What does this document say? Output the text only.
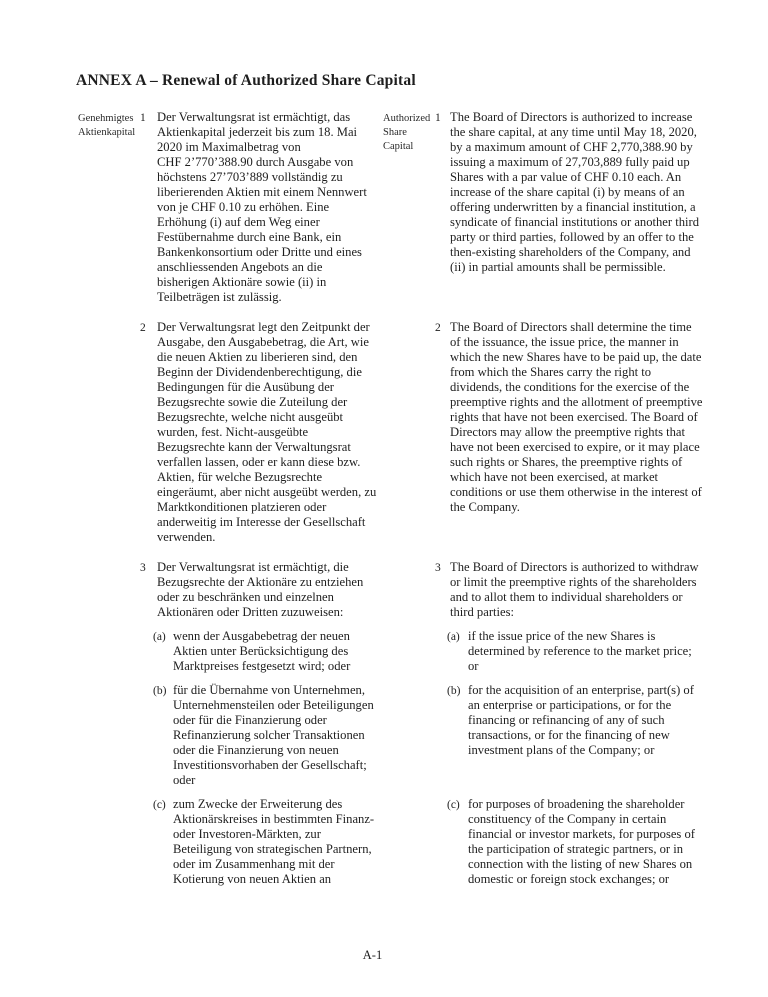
ANNEX A – Renewal of Authorized Share Capital
Genehmigtes Aktienkapital
1 Der Verwaltungsrat ist ermächtigt, das Aktienkapital jederzeit bis zum 18. Mai 2020 im Maximalbetrag von CHF 2’770’388.90 durch Ausgabe von höchstens 27’703’889 vollständig zu liberierenden Aktien mit einem Nennwert von je CHF 0.10 zu erhöhen. Eine Erhöhung (i) auf dem Weg einer Festübernahme durch eine Bank, ein Bankenkonsortium oder Dritte und eines anschliessenden Angebots an die bisherigen Aktionäre sowie (ii) in Teilbeträgen ist zulässig.
Authorized Share Capital
1 The Board of Directors is authorized to increase the share capital, at any time until May 18, 2020, by a maximum amount of CHF 2,770,388.90 by issuing a maximum of 27,703,889 fully paid up Shares with a par value of CHF 0.10 each. An increase of the share capital (i) by means of an offering underwritten by a financial institution, a syndicate of financial institutions or another third party or third parties, followed by an offer to the then-existing shareholders of the Company, and (ii) in partial amounts shall be permissible.
2 Der Verwaltungsrat legt den Zeitpunkt der Ausgabe, den Ausgabebetrag, die Art, wie die neuen Aktien zu liberieren sind, den Beginn der Dividendenberechtigung, die Bedingungen für die Ausübung der Bezugsrechte sowie die Zuteilung der Bezugsrechte, welche nicht ausgeübt wurden, fest. Nicht-ausgeübte Bezugsrechte kann der Verwaltungsrat verfallen lassen, oder er kann diese bzw. Aktien, für welche Bezugsrechte eingeräumt, aber nicht ausgeübt werden, zu Marktkonditionen platzieren oder anderweitig im Interesse der Gesellschaft verwenden.
2 The Board of Directors shall determine the time of the issuance, the issue price, the manner in which the new Shares have to be paid up, the date from which the Shares carry the right to dividends, the conditions for the exercise of the preemptive rights and the allotment of preemptive rights that have not been exercised. The Board of Directors may allow the preemptive rights that have not been exercised to expire, or it may place such rights or Shares, the preemptive rights of which have not been exercised, at market conditions or use them otherwise in the interest of the Company.
3 Der Verwaltungsrat ist ermächtigt, die Bezugsrechte der Aktionäre zu entziehen oder zu beschränken und einzelnen Aktionären oder Dritten zuzuweisen:
3 The Board of Directors is authorized to withdraw or limit the preemptive rights of the shareholders and to allot them to individual shareholders or third parties:
(a) wenn der Ausgabebetrag der neuen Aktien unter Berücksichtigung des Marktpreises festgesetzt wird; oder
(a) if the issue price of the new Shares is determined by reference to the market price; or
(b) für die Übernahme von Unternehmen, Unternehmensteilen oder Beteiligungen oder für die Finanzierung oder Refinanzierung solcher Transaktionen oder die Finanzierung von neuen Investitionsvorhaben der Gesellschaft; oder
(b) for the acquisition of an enterprise, part(s) of an enterprise or participations, or for the financing or refinancing of any of such transactions, or for the financing of new investment plans of the Company; or
(c) zum Zwecke der Erweiterung des Aktionärskreises in bestimmten Finanz- oder Investoren-Märkten, zur Beteiligung von strategischen Partnern, oder im Zusammenhang mit der Kotierung von neuen Aktien an
(c) for purposes of broadening the shareholder constituency of the Company in certain financial or investor markets, for purposes of the participation of strategic partners, or in connection with the listing of new Shares on domestic or foreign stock exchanges; or
A-1
